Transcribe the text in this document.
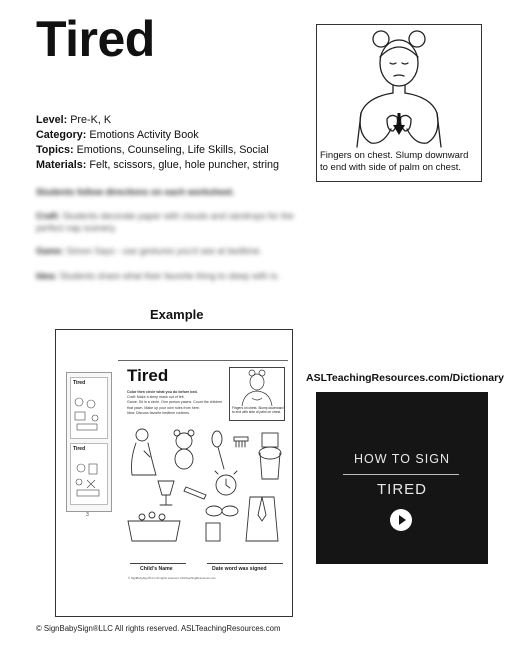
Tired
Fingers on chest. Slump downward
to end with side of palm on chest.
Level: Pre-K, K
Category: Emotions Activity Book
Topics: Emotions, Counseling, Life Skills, Social
Materials: Felt, scissors, glue, hole puncher, string
Students follow directions on each worksheet.
Craft: Students decorate paper with clouds and raindrops for the perfect nap scenery.
Game: Simon Says - use gestures you'd see at bedtime.
Idea: Students share what their favorite thing to sleep with is.
Example
Tired
Tired
3
Tired
Color then circle what you do before bed.
Craft: Make a sleep mask out of felt.
Game: Sit in a circle. One person yawns. Count the children that yawn. Make up your own rules from here.
Idea: Discuss favorite bedtime routines.
Fingers on chest. Slump downward to end with side of palm on chest.
Child's Name	Date word was signed
© SignBabySign®LLC All rights reserved. ASLTeachingResources.com
ASLTeachingResources.com/Dictionary
HOW TO SIGN
TIRED
© SignBabySign®LLC All rights reserved. ASLTeachingResources.com
